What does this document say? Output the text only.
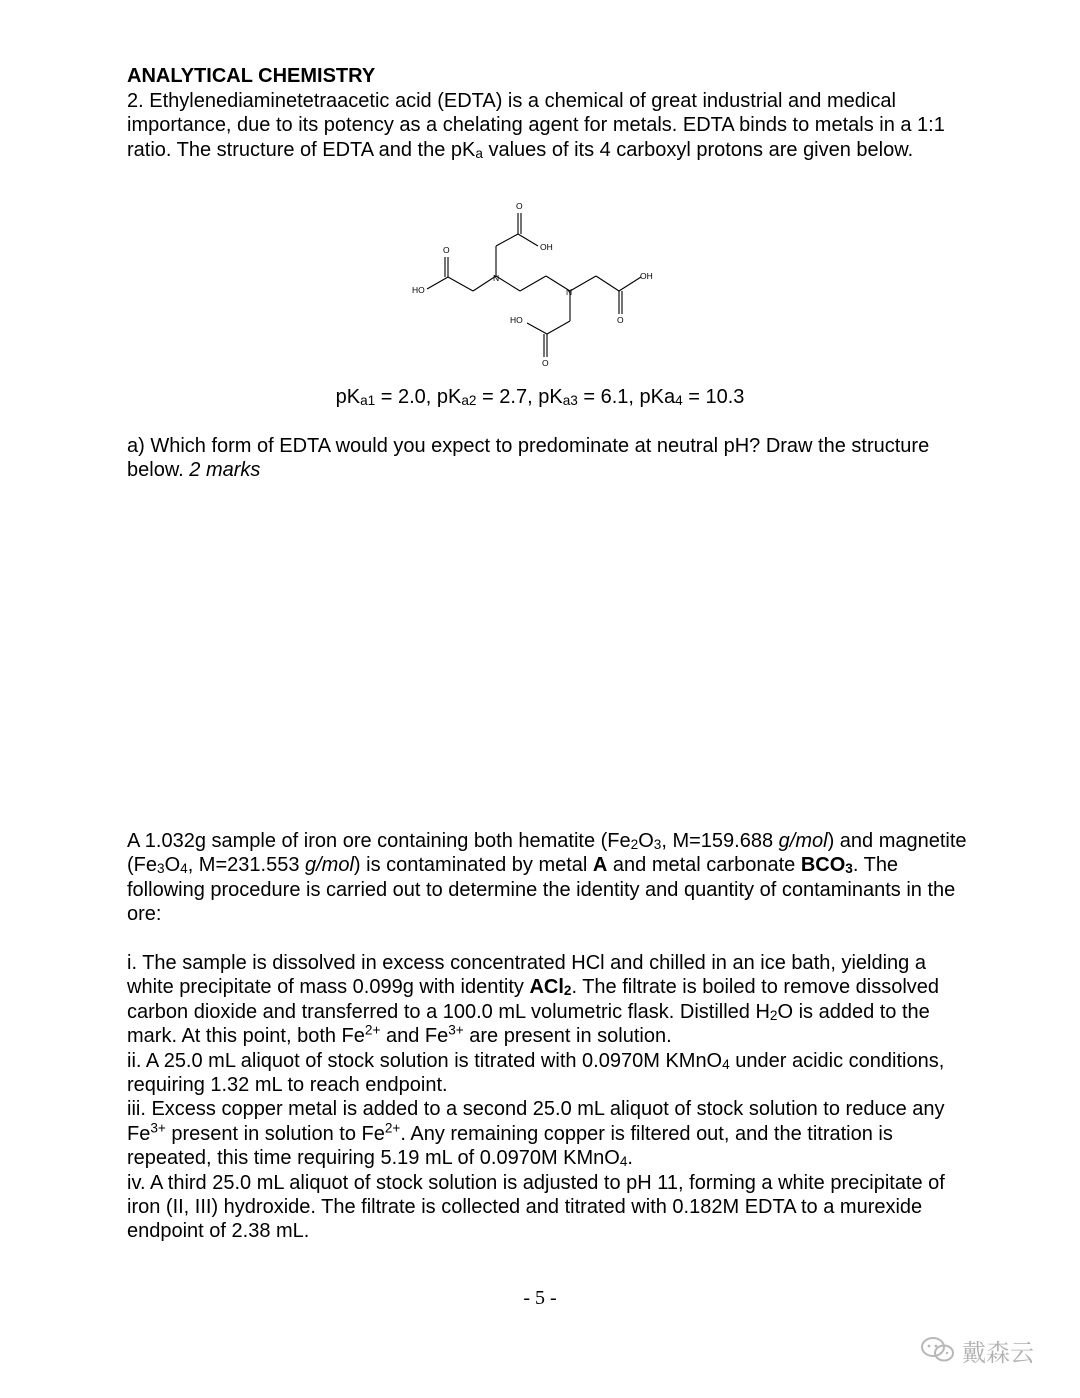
ANALYTICAL CHEMISTRY

2. Ethylenediaminetetraacetic acid (EDTA) is a chemical of great industrial and medical importance, due to its potency as a chelating agent for metals. EDTA binds to metals in a 1:1 ratio. The structure of EDTA and the $pK_a$ values of its 4 carboxyl protons are given below.

O
O	OH
HO
N
N
OH
O
HO
O

$pK_{a1} = 2.0$, $pK_{a2} = 2.7$, $pK_{a3} = 6.1$, pKa$_4$ = 10.3

a) Which form of EDTA would you expect to predominate at neutral pH? Draw the structure below. 2 marks

A 1.032g sample of iron ore containing both hematite ($Fe_2O_3$, M=159.688 g/mol) and magnetite ($Fe_3O_4$, M=231.553 g/mol) is contaminated by metal A and metal carbonate $BCO_3$. The following procedure is carried out to determine the identity and quantity of contaminants in the ore:

i. The sample is dissolved in excess concentrated HCl and chilled in an ice bath, yielding a white precipitate of mass 0.099g with identity ACl$_2$. The filtrate is boiled to remove dissolved carbon dioxide and transferred to a 100.0 mL volumetric flask. Distilled $H_2O$ is added to the mark. At this point, both $Fe^{2+}$ and $Fe^{3+}$ are present in solution.
ii. A 25.0 mL aliquot of stock solution is titrated with 0.0970M KMnO$_4$ under acidic conditions, requiring 1.32 mL to reach endpoint.
iii. Excess copper metal is added to a second 25.0 mL aliquot of stock solution to reduce any $Fe^{3+}$ present in solution to $Fe^{2+}$. Any remaining copper is filtered out, and the titration is repeated, this time requiring 5.19 mL of 0.0970M KMnO$_4$.
iv. A third 25.0 mL aliquot of stock solution is adjusted to pH 11, forming a white precipitate of iron (II, III) hydroxide. The filtrate is collected and titrated with 0.182M EDTA to a murexide endpoint of 2.38 mL.
- 5 -
戴森云
